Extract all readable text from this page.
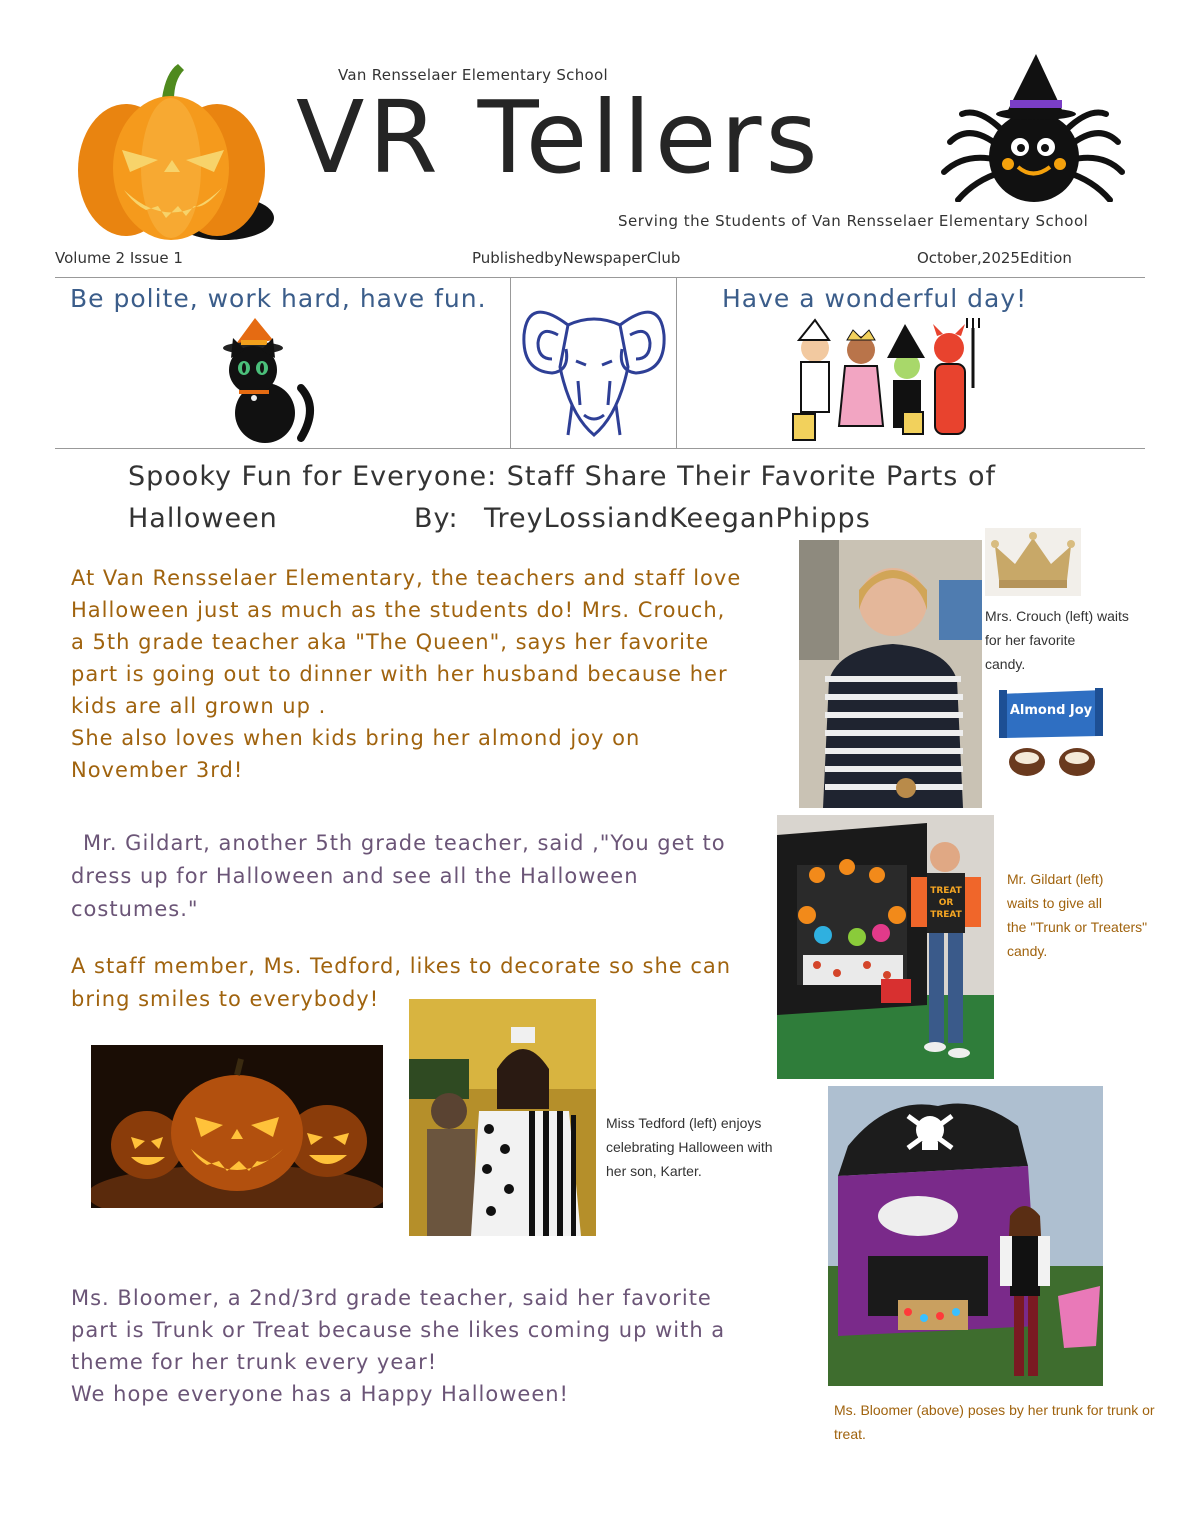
Van Rensselaer Elementary School
VR Tellers
Serving the Students of Van Rensselaer Elementary School
Volume 2 Issue 1	PublishedbyNewspaperClub	October,2025Edition
Be polite, work hard, have fun.	Have a wonderful day!
Spooky Fun for Everyone: Staff Share Their Favorite Parts of
Halloween	By: TreyLossiandKeeganPhipps
At Van Rensselaer Elementary, the teachers and staff love
Halloween just as much as the students do! Mrs. Crouch,
a 5th grade teacher aka "The Queen", says her favorite
part is going out to dinner with her husband because her
kids are all grown up .
She also loves when kids bring her almond joy on
November 3rd!
Mr. Gildart, another 5th grade teacher, said ,"You get to
dress up for Halloween and see all the Halloween
costumes."
A staff member, Ms. Tedford, likes to decorate so she can
bring smiles to everybody!
Ms. Bloomer, a 2nd/3rd grade teacher, said her favorite
part is Trunk or Treat because she likes coming up with a
theme for her trunk every year!
We hope everyone has a Happy Halloween!
Mrs. Crouch (left) waits
for her favorite
candy.
Almond Joy
TREAT
OR
TREAT
Mr. Gildart (left)
waits to give all
the "Trunk or Treaters"
candy.
Miss Tedford (left) enjoys
celebrating Halloween with
her son, Karter.
Ms. Bloomer (above) poses by her trunk for trunk or
treat.
